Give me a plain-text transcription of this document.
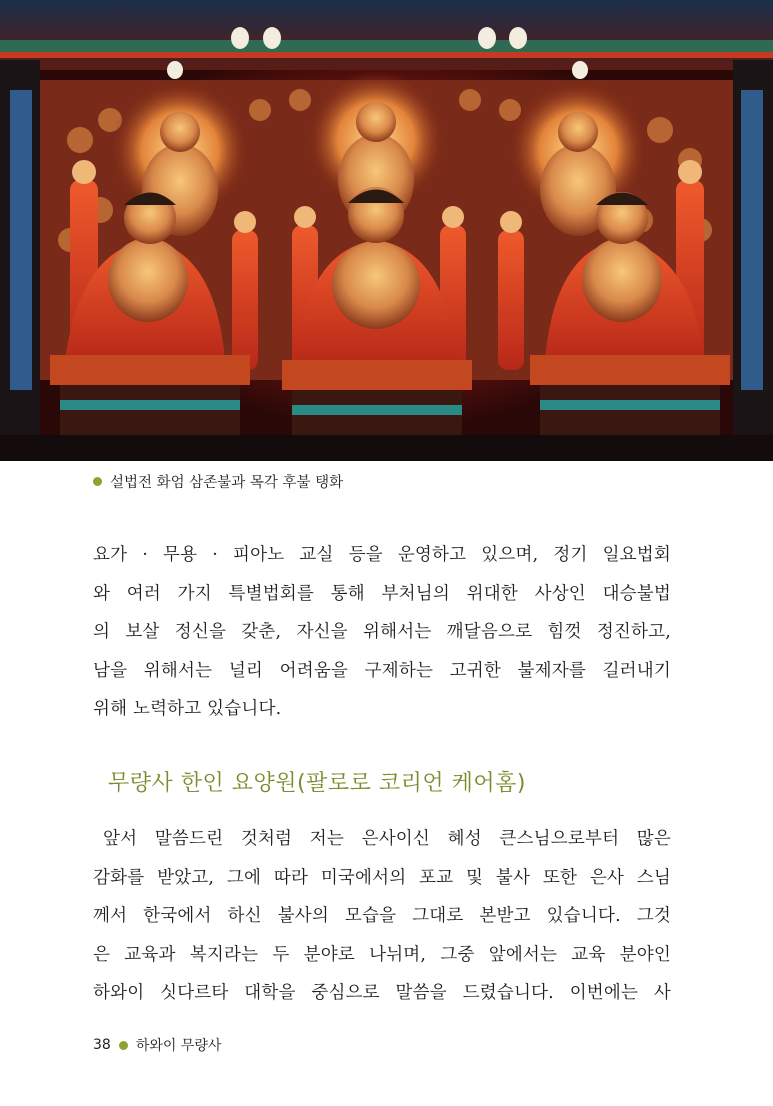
설법전 화엄 삼존불과 목각 후불 탱화
요가 · 무용 · 피아노 교실 등을 운영하고 있으며, 정기 일요법회
와 여러 가지 특별법회를 통해 부처님의 위대한 사상인 대승불법
의 보살 정신을 갖춘, 자신을 위해서는 깨달음으로 힘껏 정진하고,
남을 위해서는 널리 어려움을 구제하는 고귀한 불제자를 길러내기
위해 노력하고 있습니다.
무량사 한인 요양원(팔로로 코리언 케어홈)
앞서 말씀드린 것처럼 저는 은사이신 혜성 큰스님으로부터 많은
감화를 받았고, 그에 따라 미국에서의 포교 및 불사 또한 은사 스님
께서 한국에서 하신 불사의 모습을 그대로 본받고 있습니다. 그것
은 교육과 복지라는 두 분야로 나뉘며, 그중 앞에서는 교육 분야인
하와이 싯다르타 대학을 중심으로 말씀을 드렸습니다. 이번에는 사
38 하와이 무량사
